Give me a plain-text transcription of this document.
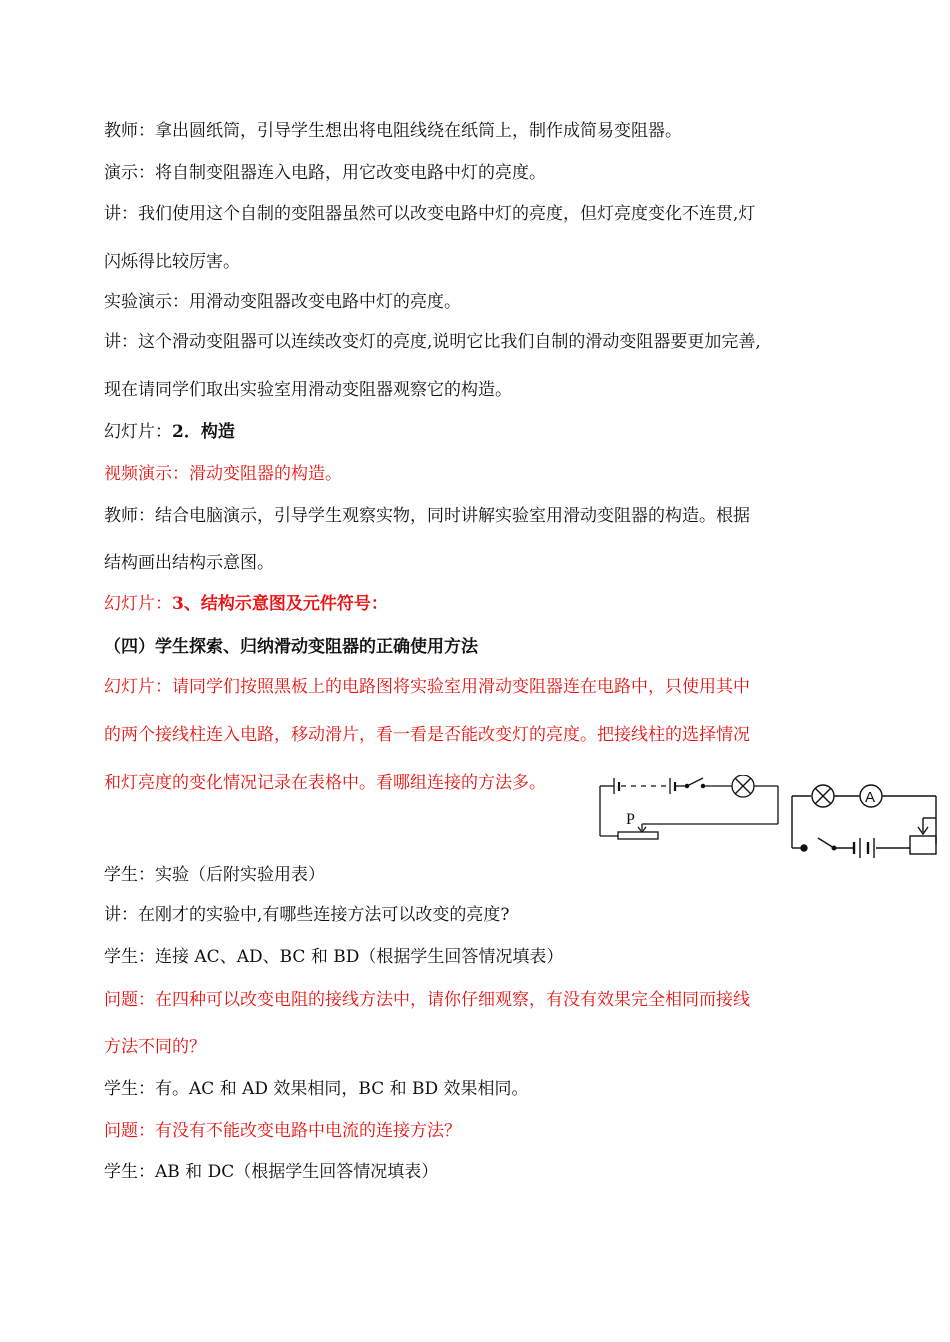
教师：拿出圆纸筒，引导学生想出将电阻线绕在纸筒上，制作成简易变阻器。
演示：将自制变阻器连入电路，用它改变电路中灯的亮度。
讲：我们使用这个自制的变阻器虽然可以改变电路中灯的亮度，但灯亮度变化不连贯,灯
闪烁得比较厉害。
实验演示：用滑动变阻器改变电路中灯的亮度。
讲：这个滑动变阻器可以连续改变灯的亮度,说明它比我们自制的滑动变阻器要更加完善,
现在请同学们取出实验室用滑动变阻器观察它的构造。
幻灯片：2．构造
视频演示：滑动变阻器的构造。
教师：结合电脑演示，引导学生观察实物，同时讲解实验室用滑动变阻器的构造。根据
结构画出结构示意图。
幻灯片：3、结构示意图及元件符号：
（四）学生探索、归纳滑动变阻器的正确使用方法
幻灯片：请同学们按照黑板上的电路图将实验室用滑动变阻器连在电路中，只使用其中
的两个接线柱连入电路，移动滑片，看一看是否能改变灯的亮度。把接线柱的选择情况
和灯亮度的变化情况记录在表格中。看哪组连接的方法多。
P
A
学生：实验（后附实验用表）
讲：在刚才的实验中,有哪些连接方法可以改变的亮度?
学生：连接 AC、AD、BC 和 BD（根据学生回答情况填表）
问题：在四种可以改变电阻的接线方法中，请你仔细观察，有没有效果完全相同而接线
方法不同的？
学生：有。AC 和 AD 效果相同，BC 和 BD 效果相同。
问题：有没有不能改变电路中电流的连接方法？
学生：AB 和 DC（根据学生回答情况填表）
